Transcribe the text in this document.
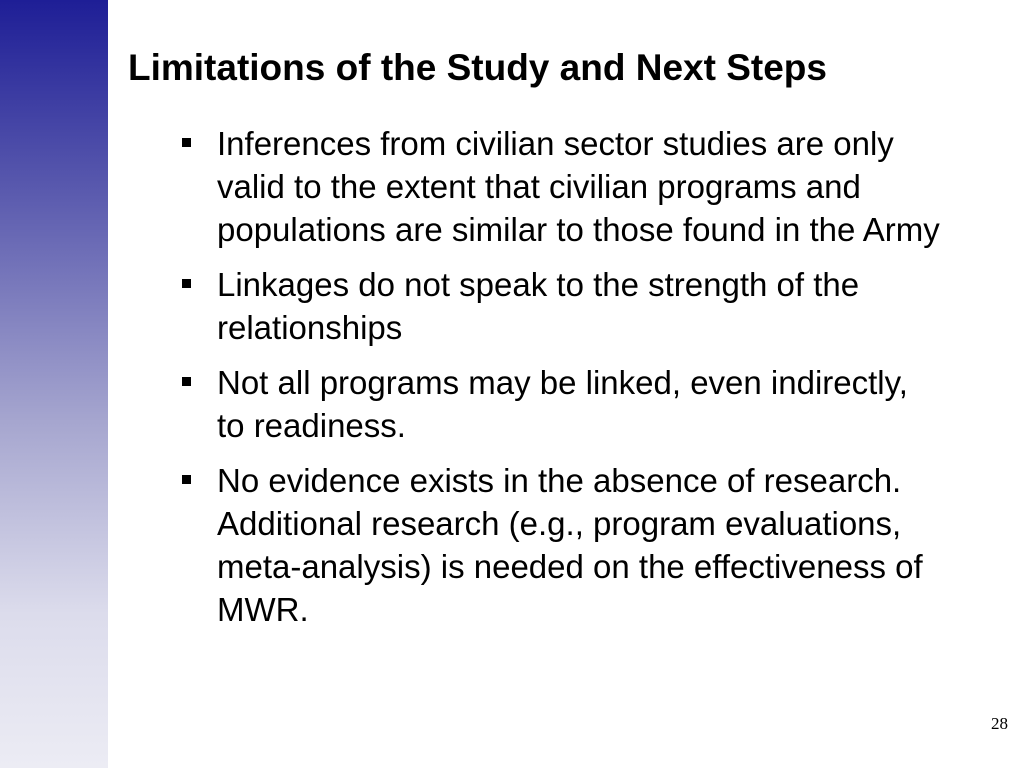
Limitations of the Study and Next Steps
Inferences from civilian sector studies are only valid to the extent that civilian programs and populations are similar to those found in the Army
Linkages do not speak to the strength of the relationships
Not all programs may be linked, even indirectly, to readiness.
No evidence exists in the absence of research. Additional research (e.g., program evaluations, meta-analysis) is needed on the effectiveness of MWR.
28
